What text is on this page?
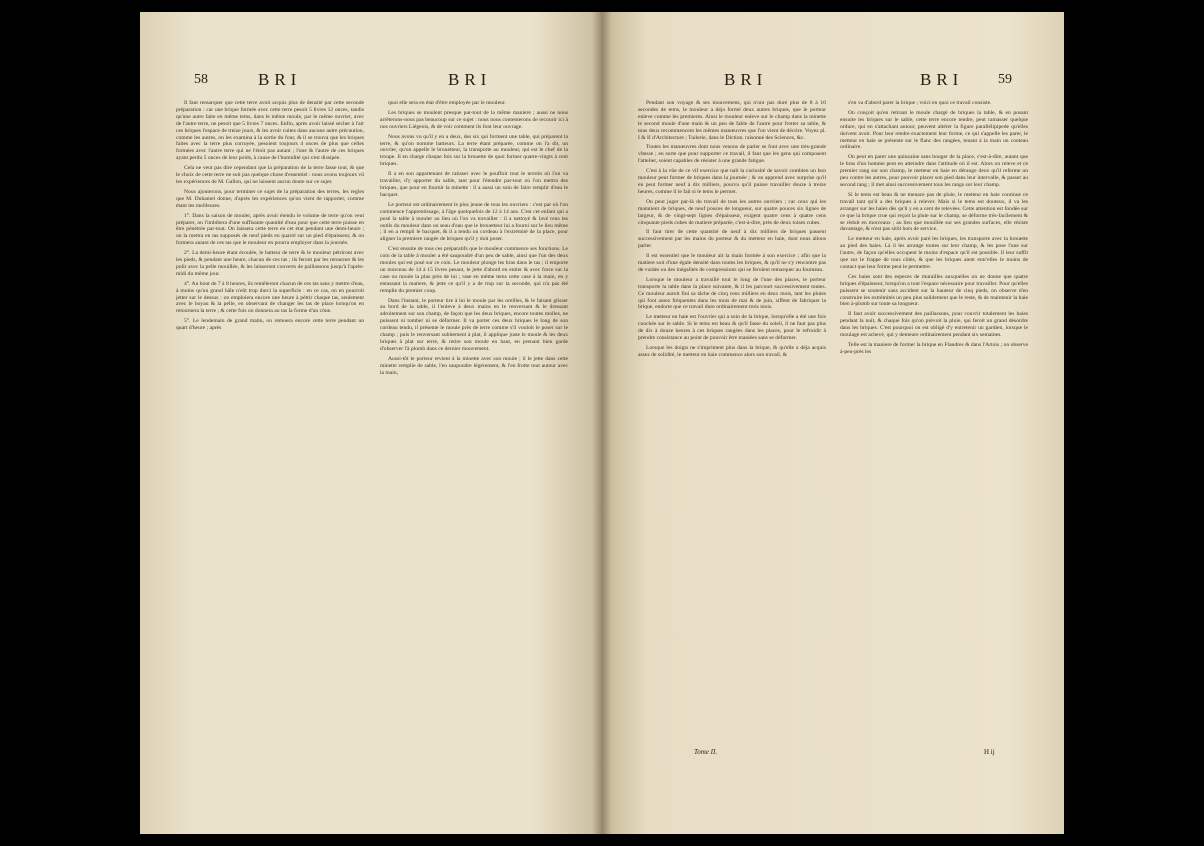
58	BRI	BRI

Il faut remarquer que cette terre avoit acquis plus de densité par cette seconde préparation : car une brique formée avec cette terre pesoit 5 livres 12 onces, tandis qu'une autre faite en même tems, dans le même moule, par le même ouvrier, avec de l'autre terre, ne pesoit que 5 livres 7 onces. Enfin, après avoir laissé sécher à l'air ces briques l'espace de treize jours, & les avoir cuites dans aucune autre précaution, comme les autres, on les examina à la sortie du four, & il se trouva que les briques faites avec la terre plus corroyée, pesoient toujours 4 onces de plus que celles formées avec l'autre terre qui ne l'étoit pas autant ; l'une & l'autre de ces briques ayant perdu 5 onces de leur poids, à cause de l'humidité qui s'est dissipée.

Cela ne veut pas dire cependant que la préparation de la terre fasse tout, & que le choix de cette terre ne soit pas quelque chose d'essentiel : nous avons toujours vû les expériences de M. Gallon, qui ne laissent aucun doute sur ce sujet.

Nous ajouterons, pour terminer ce sujet de la préparation des terres, les regles que M. Duhamel donne, d'après les expériences qu'on vient de rapporter, comme étant les meilleures.

1°. Dans la saison de mouler, après avoir étendu le volume de terre qu'on veut préparer, on l'imbibera d'une suffisante quantité d'eau pour que cette terre puisse en être pénétrée par-tout. On laissera cette terre en cet état pendant une demi-heure ; on la mettra en tas supposés de neuf pieds en quarré sur un pied d'épaisseur, & on formera autant de ces tas que le mouleur en pourra employer dans la journée.

2°. La demi-heure étant écoulée, le batteur de terre & le mouleur pétriront avec les pieds, & pendant une heure, chacun de ces tas ; ils feront par les retourner & les polir avec la pelle mouillée, & les laisseront couverts de paillassons jusqu'à l'après-midi du même jour.

4°. Au bout de 7 à 8 heures, ils remêleront chacun de ces tas sans y mettre d'eau, à moins qu'un grand hâle n'eût trop durci la superficie : en ce cas, on en pourroit jetter sur le dessus : on emploiera encore une heure à pétrir chaque tas, seulement avec le boyau & la pelle, en observant de changer les tas de place lorsqu'on en retournera la terre ; & cette fois on donnera au tas la forme d'un cône.

5°. Le lendemain de grand matin, on remuera encore cette terre pendant un quart d'heure ; après

quoi elle sera en état d'être employée par le mouleur.

Les briques se moulent presque par-tout de la même maniere ; aussi ne nous arrêterons-nous pas beaucoup sur ce sujet : nous nous contenterons de recourir ici à nos ouvriers Liégeois, & de voir comment ils font leur ouvrage.

Nous avons vu qu'il y en a deux, des six qui forment une table, qui préparent la terre, & qu'on nomme batteurs. La terre étant préparée, comme on l'a dit, un ouvrier, qu'on appelle le brouetteur, la transporte au mouleur, qui est le chef de la troupe. Il en charge chaque fois sur la brouette de quoi former quatre-vingts à cent briques.

Il a en son appartenant de ratisser avec le pouffoir tout le terrein où l'on va travailler, d'y apporter du sable, tant pour l'étendre par-tout où l'on mettra des briques, que pour en fournir la minette : il a aussi un soin de faire remplir d'eau le bacquet.

Le porteur est ordinairement le plus jeune de tous les ouvriers : c'est par où l'on commence l'apprentissage, à l'âge quelquefois de 12 à 14 ans. C'est cet enfant qui a posé la table à mouler au lieu où l'on va travailler : il a nettoyé & lavé tous les outils du mouleur dans un seau d'eau que le brouetteur lui a fourni sur le lieu même ; il en a rempli le bacquet, & il a tendu un cordeau à l'extrémité de la place, pour aligner la premiere rangée de briques qu'il y doit poser.

C'est ensuite de tous ces préparatifs que le mouleur commence ses fonctions. Le coin de la table à mouler a été saupoudré d'un peu de sable, ainsi que l'un des deux moules qui est posé sur ce coin. Le mouleur plonge les bras dans le tas ; il emporte un morceau de 14 à 15 livres pesant, le jette d'abord en entier & avec force sur la case ou moule la plus près de lui ; rase en même tems cette case à la main, en y entassant la matiere, & jette ce qu'il y a de trop sur la seconde, qui n'a pas été remplie du premier coup.

Dans l'instant, le porteur tire à lui le moule par les oreilles, & le faisant glisser au bord de la table, il l'enleve à deux mains en le renversant & le dressant adroitement sur son champ, de façon que les deux briques, encore toutes molles, ne puissent ni tomber ni se déformer. Il va porter ces deux briques le long de son cordeau tendu, il présente le moule près de terre comme s'il vouloit le poser sur le champ ; puis le renversant subitement à plat, il applique juste le moule & les deux briques à plat sur terre, & retire son moule en haut, en prenant bien garde d'observer l'à plomb dans ce dernier mouvement.

Aussi-tôt le porteur revient à la minette avec son moule ; il le jette dans cette minette remplie de sable, l'en saupoudre légérement, & l'en frotte tout autour avec la main,

BRI	BRI 59

Pendant son voyage & ses mouvemens, qui n'ont pas duré plus de 8 à 10 secondes de tems, le mouleur a déja formé deux autres briques, que le porteur enleve comme les premieres. Ainsi le mouleur enleve sur le champ dans la minette le second moule d'une main & un peu de fable de l'autre pour frotter sa table, & tous deux recommencent les mêmes manœuvres que l'on vient de décrire. Voyez pl. I & II d'Architecture ; Tuilerie, dans le Diction. raisonné des Sciences, &c.

Toutes les manœuvres dont nous venons de parler se font avec une très-grande vîtesse ; en sorte que pour supporter ce travail, il faut que les gens qui composent l'attelier, soient capables de résister à une grande fatigue.

C'est à la vûe de ce vif exercice que naît la curiosité de savoir combien un bon mouleur peut former de briques dans la journée ; & on apprend avec surprise qu'il en peut former neuf à dix milliers, pourvu qu'il puisse travailler douze à treize heures, comme il le fait si le tems le permet.

On peut juger par-là du travail de tous les autres ouvriers ; car ceux qui les maintient de briques, de neuf pouces de longueur, sur quatre pouces six lignes de largeur, & de vingt-sept lignes d'épaisseur, exigent quatre cens à quatre cens cinquante pieds cubes de matiere préparée, c'est-à-dire, près de deux toises cubes.

Il faut tirer de cette quantité de neuf à dix milliers de briques passent successivement par les mains du porteur & du metteur en haie, dont nous allons parler.

Il est essentiel que le mouleur ait la main formée à son exercice ; afin que la matiere soit d'une égale densité dans toutes les briques, & qu'il ne s'y rencontre pas de vuides ou des inégalités de compressions qui se feroient remarquer au fourneau.

Lorsque le mouleur a travaillé tout le long de l'une des places, le porteur transporte la table dans la place suivante, & il les parcourt successivement toutes. Ce mouleur auroit fini sa tâche de cinq cens milliers en deux mois, tant les pluies qui font assez fréquentes dans les mois de mai & de juin, siffent de fabriquer la brique, endorte que ce travail dure ordinairement trois mois.

Le metteur en haie est l'ouvrier qui a soin de la brique, lorsqu'elle a été une fois couchée sur le sable. Si le tems est beau & qu'il fasse du soleil, il ne faut pas plus de dix à douze heures à ces briques rangées dans les places, pour le refroidir à prendre consistance au point de pouvoir être maniées sans se déformer.

Lorsque les doigts ne s'impriment plus dans la brique, & qu'elle a déja acquis assez de solidité, le metteur en haie commence alors son travail, &

s'en va d'abord parer la brique ; voici en quoi ce travail consiste.

On conçoit qu'en retirant le moule chargé de briques la table, & en posant ensuite les briques sur le sable, cette terre encore tendre, peut ramasser quelque ordure, qui en s'attachant autour, peuvent altérer la figure parallélipipede qu'elles doivent avoir. Pour leur rendre exactement leur forme, ce qui s'appelle les parer, le metteur en haie se présente sur le flanc des rangées, tenant à la main un couteau ordinaire.

On peut en parer une quinzaine sans bouger de la place, c'est-à-dire, autant que le bras d'un homme peut en atteindre dans l'attitude où il est. Alors on releve et ce premier rang sur son champ, le metteur en haie en dérange deux qu'il referme un peu contre les autres, pour pouvoir placer son pied dans leur intervalle, & passer au second rang ; il met ainsi successivement tous les rangs sur leur champ.

Si le tems est beau & ne menace pas de pluie, le metteur en haie continue ce travail tant qu'il a des briques à relever. Mais si le tems est douteux, il va les arranger sur les haies dès qu'il y en a cent de relevées. Cette attention est fondée sur ce que la brique crue qui reçoit la pluie sur le champ, se déforme très-facilement & se réduit en morceaux ; au lieu que mouillée sur ses grandes surfaces, elle résiste davantage, & n'est pas sitôt hors de service.

Le metteur en haie, après avoir paré les briques, les transporte avec la brouette au pied des haies. Là il les arrange toutes sur leur champ, & les pose l'une sur l'autre, de façon qu'elles occupent le moins d'espace qu'il est possible. Il leur suffit que sur le frappe de tous côtés, & que les briques aient entr'elles le moins de contact que leur forme peut le permettre.

Ces haies sont des especes de murailles auxquelles on ne donne que quatre briques d'épaisseur, lorsqu'on a tout l'espace nécessaire pour travailler. Pour qu'elles puissent se soutenir sans accident sur la hauteur de cinq pieds, on observe d'en construire les extrémités un peu plus solidement que le reste, & de maintenir la haie bien à-plomb sur toute sa longueur.

Il faut avoir successivement des paillassons, pour couvrir totalement les haies pendant la nuit, & chaque fois qu'on prévoit la pluie, qui feroit un grand désordre dans les briques. C'est pourquoi on est obligé d'y entretenir un gardien, lorsque le moulage est achevé, qui y demeure ordinairement pendant six semaines.

Telle est la maniere de former la brique en Flandres & dans l'Artois ; on observe à-peu-près les

Tome II.	H ij
